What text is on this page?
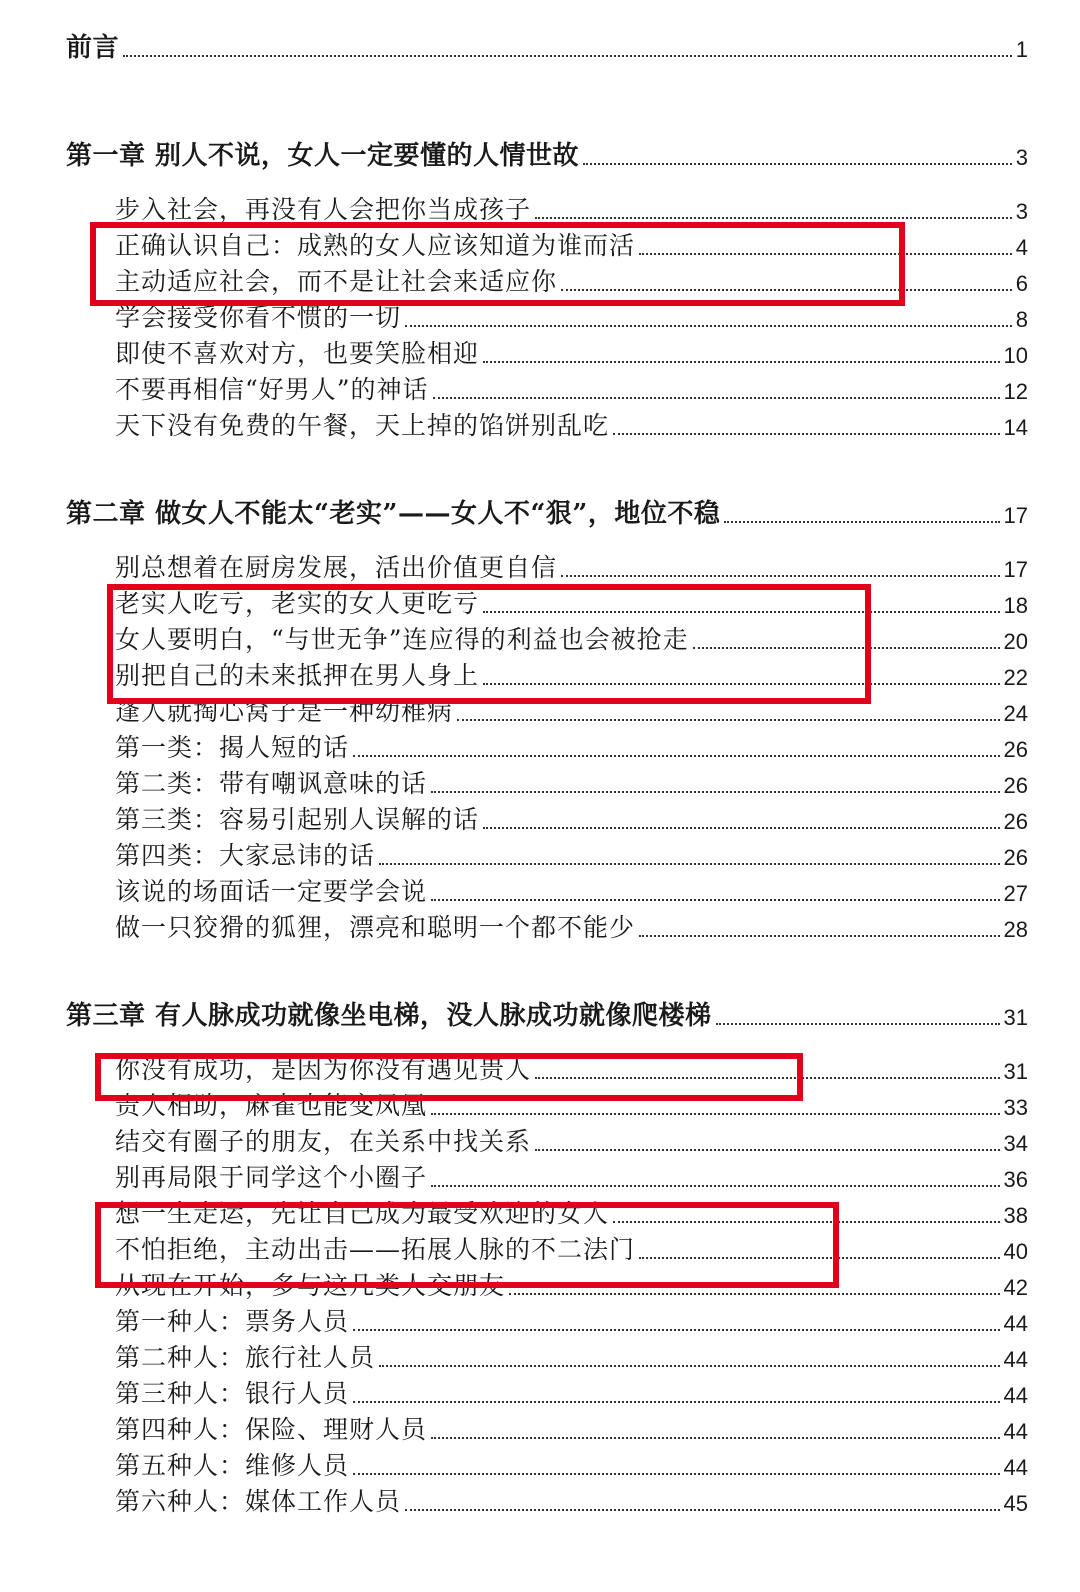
前言	1
第一章 别人不说，女人一定要懂的人情世故	3
步入社会，再没有人会把你当成孩子	3
正确认识自己：成熟的女人应该知道为谁而活	4
主动适应社会，而不是让社会来适应你	6
学会接受你看不惯的一切	8
即使不喜欢对方，也要笑脸相迎	10
不要再相信“好男人”的神话	12
天下没有免费的午餐，天上掉的馅饼别乱吃	14
第二章 做女人不能太“老实”——女人不“狠”，地位不稳	17
别总想着在厨房发展，活出价值更自信	17
老实人吃亏，老实的女人更吃亏	18
女人要明白，“与世无争”连应得的利益也会被抢走	20
别把自己的未来抵押在男人身上	22
逢人就掏心窝子是一种幼稚病	24
第一类：揭人短的话	26
第二类：带有嘲讽意味的话	26
第三类：容易引起别人误解的话	26
第四类：大家忌讳的话	26
该说的场面话一定要学会说	27
做一只狡猾的狐狸，漂亮和聪明一个都不能少	28
第三章 有人脉成功就像坐电梯，没人脉成功就像爬楼梯	31
你没有成功，是因为你没有遇见贵人	31
贵人相助，麻雀也能变凤凰	33
结交有圈子的朋友，在关系中找关系	34
别再局限于同学这个小圈子	36
想一生走运，先让自己成为最受欢迎的女人	38
不怕拒绝，主动出击——拓展人脉的不二法门	40
从现在开始，多与这几类人交朋友	42
第一种人：票务人员	44
第二种人：旅行社人员	44
第三种人：银行人员	44
第四种人：保险、理财人员	44
第五种人：维修人员	44
第六种人：媒体工作人员	45
